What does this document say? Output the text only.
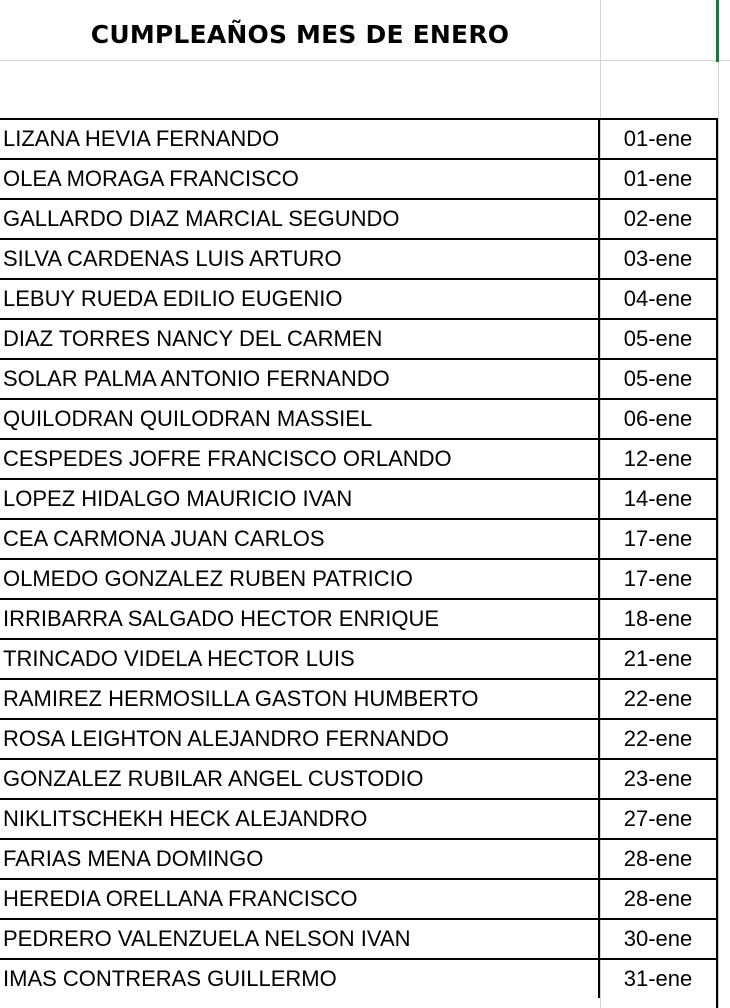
CUMPLEAÑOS MES DE ENERO
LIZANA HEVIA FERNANDO	01-ene
OLEA MORAGA FRANCISCO	01-ene
GALLARDO DIAZ MARCIAL SEGUNDO	02-ene
SILVA CARDENAS LUIS ARTURO	03-ene
LEBUY RUEDA EDILIO EUGENIO	04-ene
DIAZ TORRES NANCY DEL CARMEN	05-ene
SOLAR PALMA ANTONIO FERNANDO	05-ene
QUILODRAN QUILODRAN MASSIEL	06-ene
CESPEDES JOFRE FRANCISCO ORLANDO	12-ene
LOPEZ HIDALGO MAURICIO IVAN	14-ene
CEA CARMONA JUAN CARLOS	17-ene
OLMEDO GONZALEZ RUBEN PATRICIO	17-ene
IRRIBARRA SALGADO HECTOR ENRIQUE	18-ene
TRINCADO VIDELA HECTOR LUIS	21-ene
RAMIREZ HERMOSILLA GASTON HUMBERTO	22-ene
ROSA LEIGHTON ALEJANDRO FERNANDO	22-ene
GONZALEZ RUBILAR ANGEL CUSTODIO	23-ene
NIKLITSCHEKH HECK ALEJANDRO	27-ene
FARIAS MENA DOMINGO	28-ene
HEREDIA ORELLANA FRANCISCO	28-ene
PEDRERO VALENZUELA NELSON IVAN	30-ene
IMAS CONTRERAS GUILLERMO	31-ene
